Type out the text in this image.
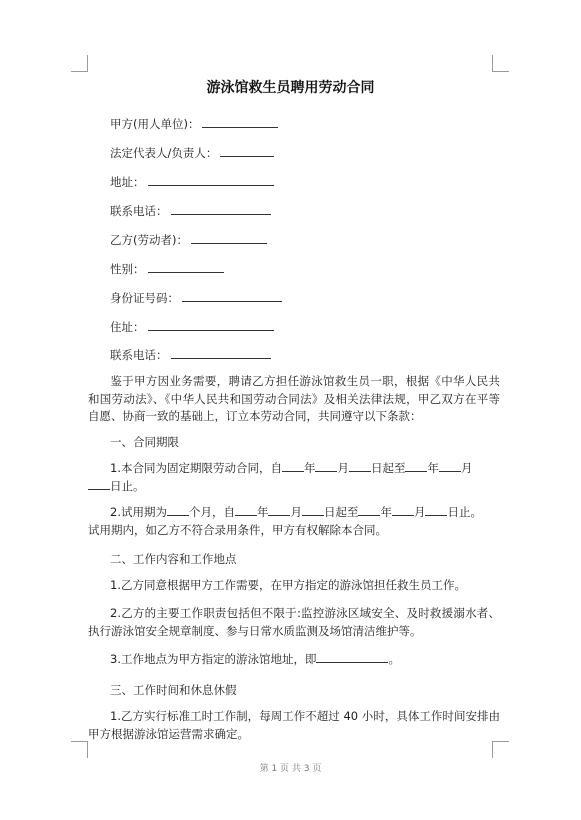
游泳馆救生员聘用劳动合同
甲方(用人单位)：
法定代表人/负责人：
地址：
联系电话：
乙方(劳动者)：
性别：
身份证号码：
住址：
联系电话：
鉴于甲方因业务需要，聘请乙方担任游泳馆救生员一职，根据《中华人民共和国劳动法》、《中华人民共和国劳动合同法》及相关法律法规，甲乙双方在平等自愿、协商一致的基础上，订立本劳动合同，共同遵守以下条款：
一、合同期限
1.本合同为固定期限劳动合同，自 年 月 日起至 年 月
日止。
2.试用期为 个月，自 年 月 日起至 年 月 日止。
试用期内，如乙方不符合录用条件，甲方有权解除本合同。
二、工作内容和工作地点
1.乙方同意根据甲方工作需要，在甲方指定的游泳馆担任救生员工作。
2.乙方的主要工作职责包括但不限于:监控游泳区域安全、及时救援溺水者、执行游泳馆安全规章制度、参与日常水质监测及场馆清洁维护等。
3.工作地点为甲方指定的游泳馆地址，即	。
三、工作时间和休息休假
1.乙方实行标准工时工作制，每周工作不超过 40 小时，具体工作时间安排由甲方根据游泳馆运营需求确定。
第 1 页 共 3 页
